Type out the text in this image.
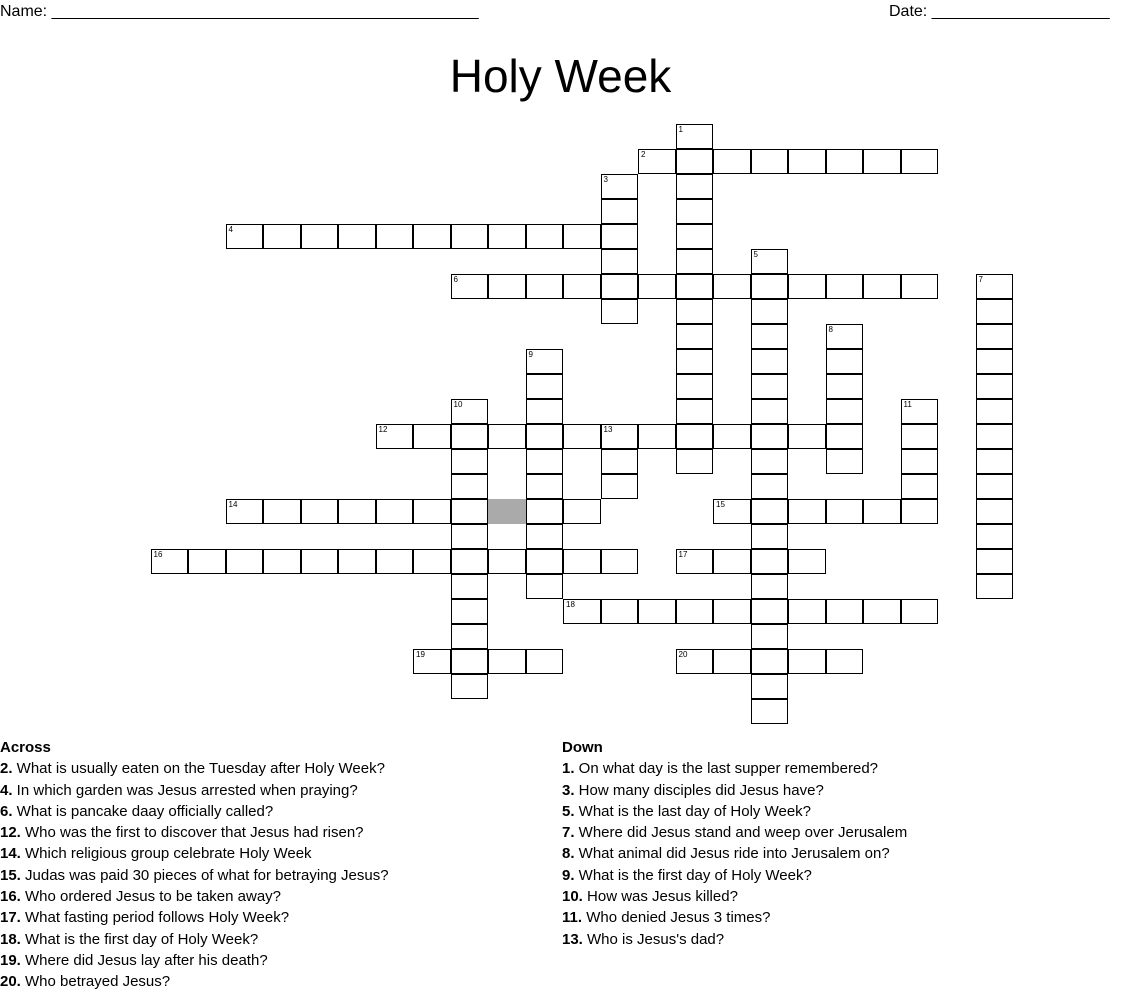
Name: ________________________________________________	Date: ____________________
Holy Week
1
2
3
4
5
6	7
8
9
10	11
12	13
14	15
16	17
18
19	20
Across
2. What is usually eaten on the Tuesday after Holy Week?
4. In which garden was Jesus arrested when praying?
6. What is pancake daay officially called?
12. Who was the first to discover that Jesus had risen?
14. Which religious group celebrate Holy Week
15. Judas was paid 30 pieces of what for betraying Jesus?
16. Who ordered Jesus to be taken away?
17. What fasting period follows Holy Week?
18. What is the first day of Holy Week?
19. Where did Jesus lay after his death?
20. Who betrayed Jesus?
Down
1. On what day is the last supper remembered?
3. How many disciples did Jesus have?
5. What is the last day of Holy Week?
7. Where did Jesus stand and weep over Jerusalem
8. What animal did Jesus ride into Jerusalem on?
9. What is the first day of Holy Week?
10. How was Jesus killed?
11. Who denied Jesus 3 times?
13. Who is Jesus's dad?
